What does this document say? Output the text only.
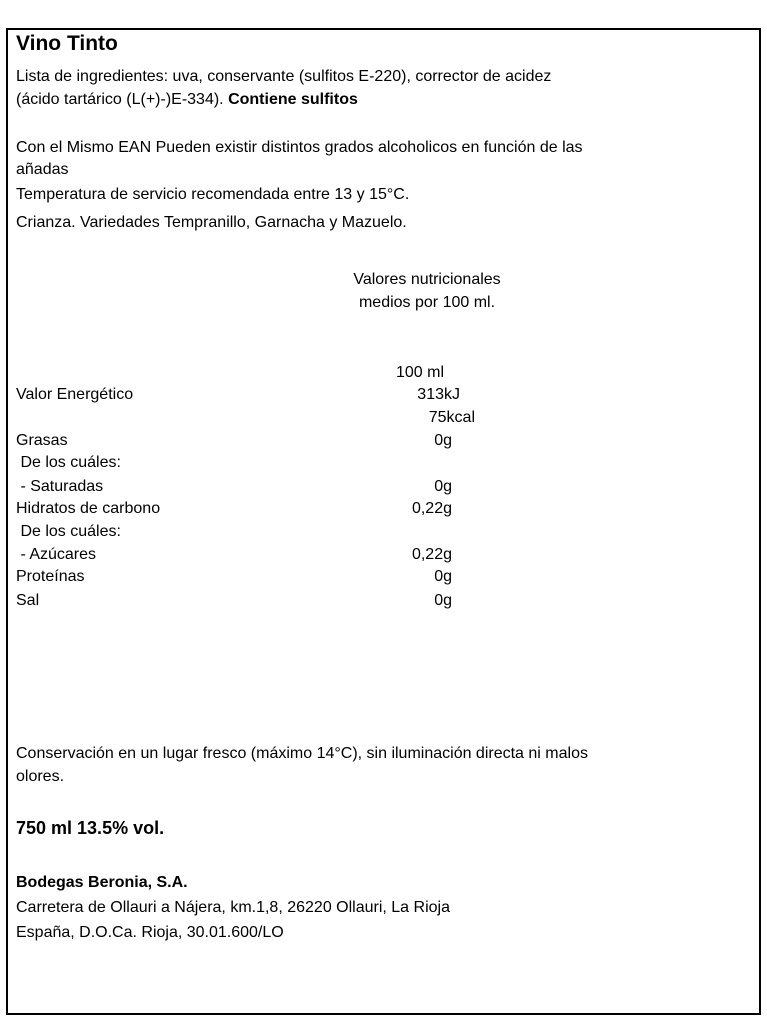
Vino Tinto
Lista de ingredientes: uva, conservante (sulfitos E-220), corrector de acidez
(ácido tartárico (L(+)-)E-334). Contiene sulfitos
Con el Mismo EAN Pueden existir distintos grados alcoholicos en función de las
añadas
Temperatura de servicio recomendada entre 13 y 15°C.
Crianza. Variedades Tempranillo, Garnacha y Mazuelo.
Valores nutricionales
medios por 100 ml.
100 ml
Valor Energético	313kJ
75kcal
Grasas	0g
De los cuáles:
- Saturadas	0g
Hidratos de carbono	0,22g
De los cuáles:
- Azúcares	0,22g
Proteínas	0g
Sal	0g
Conservación en un lugar fresco (máximo 14°C), sin iluminación directa ni malos
olores.
750 ml 13.5% vol.
Bodegas Beronia, S.A.
Carretera de Ollauri a Nájera, km.1,8, 26220 Ollauri, La Rioja
España, D.O.Ca. Rioja, 30.01.600/LO
